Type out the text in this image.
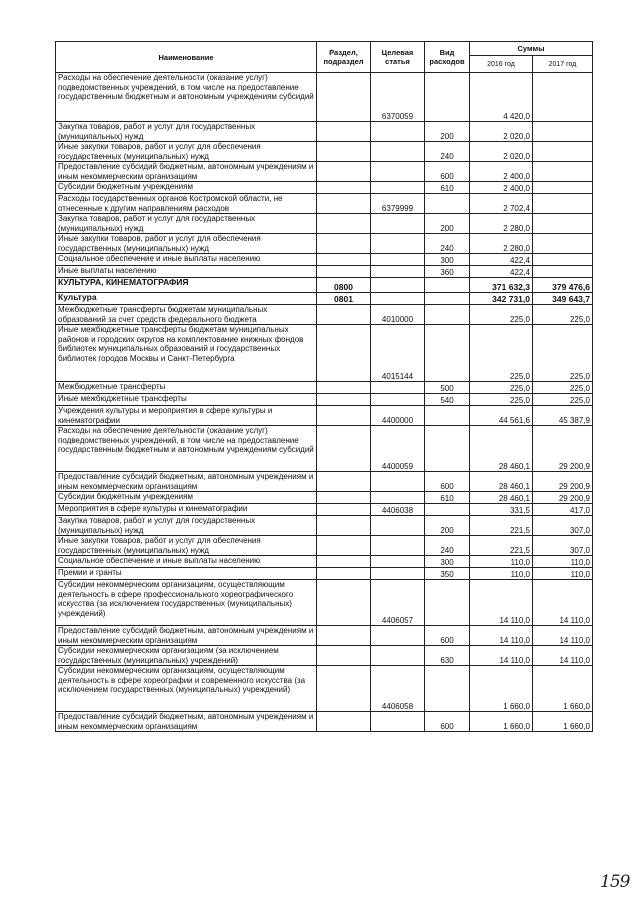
Наименование	Раздел, подраздел	Целевая статья	Вид расходов	Суммы	
				2016 год	2017 год
Расходы на обеспечение деятельности (оказание услуг) подведомственных учреждений, в том числе на предоставление государственным бюджетным и автономным учреждениям субсидий		6370059		4 420,0	
Закупка товаров, работ и услуг для государственных (муниципальных) нужд			200	2 020,0	
Иные закупки товаров, работ и услуг для обеспечения государственных (муниципальных) нужд			240	2 020,0	
Предоставление субсидий бюджетным, автономным учреждениям и иным некоммерческим организациям			600	2 400,0	
Субсидии бюджетным учреждениям			610	2 400,0	
Расходы государственных органов Костромской области, не отнесенные к другим направлениям расходов		6379999		2 702,4	
Закупка товаров, работ и услуг для государственных (муниципальных) нужд			200	2 280,0	
Иные закупки товаров, работ и услуг для обеспечения государственных (муниципальных) нужд			240	2 280,0	
Социальное обеспечение и иные выплаты населению			300	422,4	
Иные выплаты населению			360	422,4	
КУЛЬТУРА, КИНЕМАТОГРАФИЯ	0800			371 632,3	379 476,6
Культура	0801			342 731,0	349 643,7
Межбюджетные трансферты бюджетам муниципальных образований за счет средств федерального бюджета		4010000		225,0	225,0
Иные межбюджетные трансферты бюджетам муниципальных районов и городских округов на комплектование книжных фондов библиотек муниципальных образований и государственных библиотек городов Москвы и Санкт-Петербурга		4015144		225,0	225,0
Межбюджетные трансферты			500	225,0	225,0
Иные межбюджетные трансферты			540	225,0	225,0
Учреждения культуры и мероприятия в сфере культуры и кинематографии		4400000		44 561,6	45 387,9
Расходы на обеспечение деятельности (оказание услуг) подведомственных учреждений, в том числе на предоставление государственным бюджетным и автономным учреждениям субсидий		4400059		28 460,1	29 200,9
Предоставление субсидий бюджетным, автономным учреждениям и иным некоммерческим организациям			600	28 460,1	29 200,9
Субсидии бюджетным учреждениям			610	28 460,1	29 200,9
Мероприятия в сфере культуры и кинематографии		4406038		331,5	417,0
Закупка товаров, работ и услуг для государственных (муниципальных) нужд			200	221,5	307,0
Иные закупки товаров, работ и услуг для обеспечения государственных (муниципальных) нужд			240	221,5	307,0
Социальное обеспечение и иные выплаты населению			300	110,0	110,0
Премии и гранты			350	110,0	110,0
Субсидии некоммерческим организациям, осуществляющим деятельность в сфере профессионального хореографического искусства (за исключением государственных (муниципальных) учреждений)		4406057		14 110,0	14 110,0
Предоставление субсидий бюджетным, автономным учреждениям и иным некоммерческим организациям			600	14 110,0	14 110,0
Субсидии некоммерческим организациям (за исключением государственных (муниципальных) учреждений)			630	14 110,0	14 110,0
Субсидии некоммерческим организациям, осуществляющим деятельность в сфере хореографии и современного искусства (за исключением государственных (муниципальных) учреждений)		4406058		1 660,0	1 660,0
Предоставление субсидий бюджетным, автономным учреждениям и иным некоммерческим организациям			600	1 660,0	1 660,0
159
